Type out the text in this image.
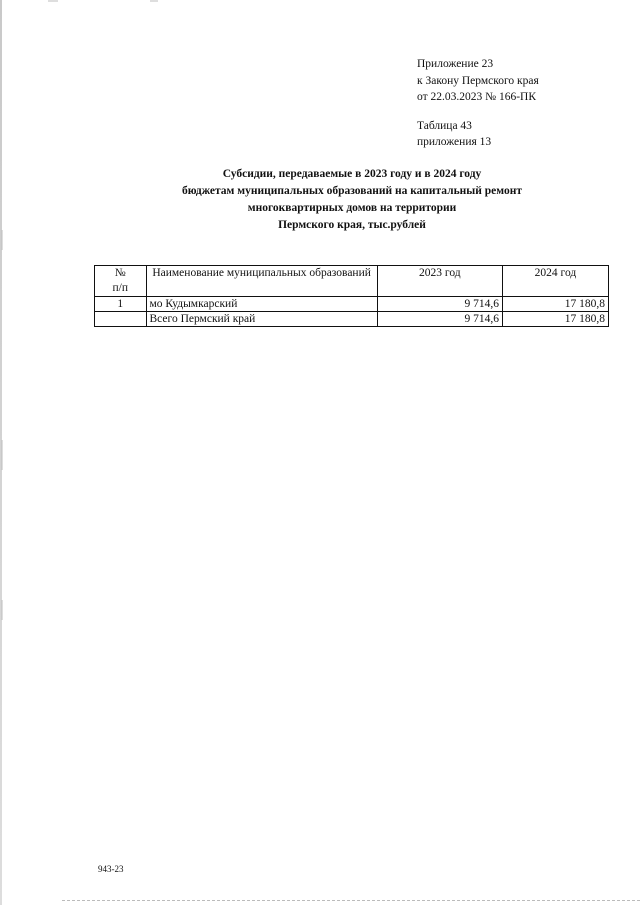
Приложение 23
к Закону Пермского края
от 22.03.2023 № 166-ПК
Таблица 43
приложения 13
Субсидии, передаваемые в 2023 году и в 2024 году
бюджетам муниципальных образований на капитальный ремонт
многоквартирных домов на территории
Пермского края, тыс.рублей
№
п/п	Наименование муниципальных образований	2023 год	2024 год
1	мо Кудымкарский	9 714,6	17 180,8
	Всего Пермский край	9 714,6	17 180,8
943-23
